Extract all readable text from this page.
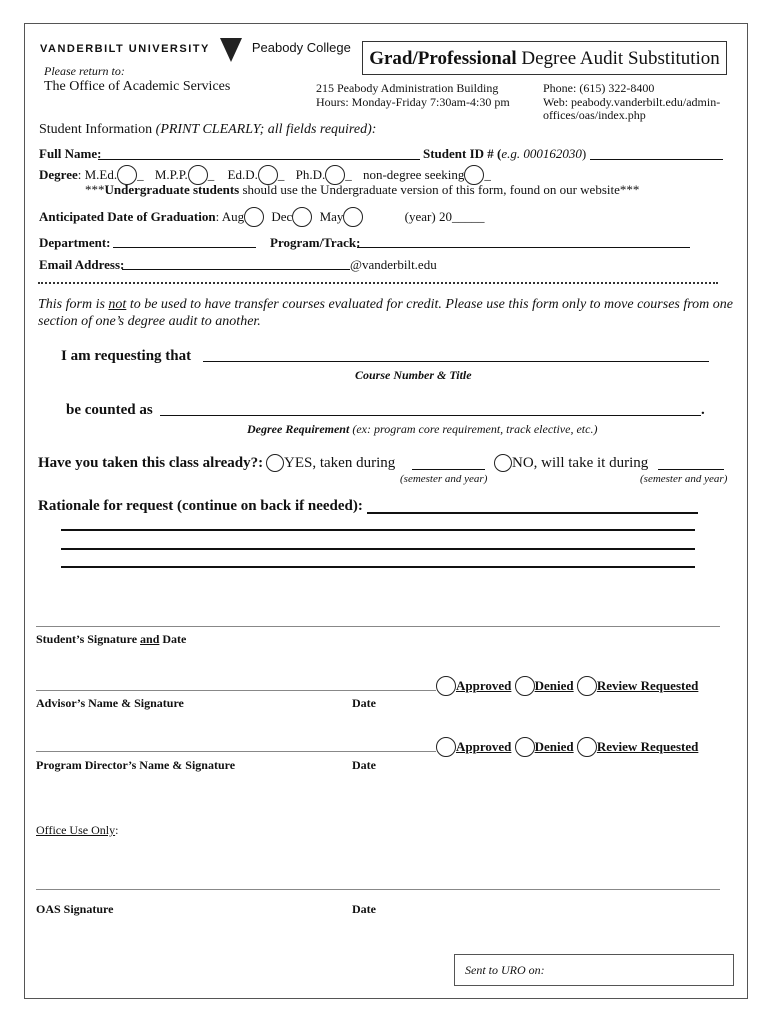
VANDERBILT UNIVERSITY	Peabody College
Grad/Professional Degree Audit Substitution
Please return to:
The Office of Academic Services	215 Peabody Administration Building
Hours: Monday-Friday 7:30am-4:30 pm
Phone: (615) 322-8400
Web: peabody.vanderbilt.edu/admin-
offices/oas/index.php
Student Information (PRINT CLEARLY; all fields required):
Full Name:	Student ID # (e.g. 000162030)
Degree: M.Ed. _ M.P.P. _ Ed.D. _ Ph.D. _ non-degree seeking _
***Undergraduate students should use the Undergraduate version of this form, found on our website***
Anticipated Date of Graduation: Aug Dec May	(year) 20_____
Department:	Program/Track:
Email Address:	@vanderbilt.edu
This form is not to be used to have transfer courses evaluated for credit. Please use this form only to move courses from one
section of one’s degree audit to another.
I am requesting that
Course Number & Title
be counted as	.
Degree Requirement (ex: program core requirement, track elective, etc.)
Have you taken this class already?:	YES, taken during	NO, will take it during
(semester and year)	(semester and year)
Rationale for request (continue on back if needed):
Student’s Signature and Date
Approved Denied Review Requested
Advisor’s Name & Signature	Date
Approved Denied Review Requested
Program Director’s Name & Signature	Date
Office Use Only:
OAS Signature	Date
Sent to URO on:
